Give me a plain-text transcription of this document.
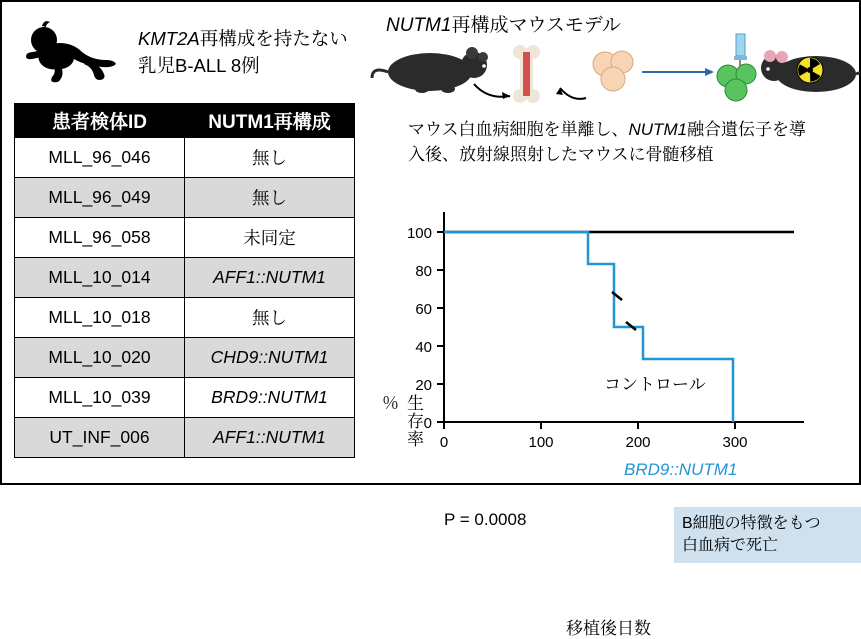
KMT2A再構成を持たない
乳児B-ALL 8例
患者検体ID	NUTM1再構成
MLL_96_046	無し
MLL_96_049	無し
MLL_96_058	未同定
MLL_10_014	AFF1::NUTM1
MLL_10_018	無し
MLL_10_020	CHD9::NUTM1
MLL_10_039	BRD9::NUTM1
UT_INF_006	AFF1::NUTM1
NUTM1再構成マウスモデル
マウス白血病細胞を単離し、NUTM1融合遺伝子を導
入後、放射線照射したマウスに骨髄移植
0
20
40
60
80
100
0	100	200	300
コントロール
BRD9::NUTM1
P = 0.0008
生存率 ％
移植後日数
B細胞の特徴をもつ
白血病で死亡
